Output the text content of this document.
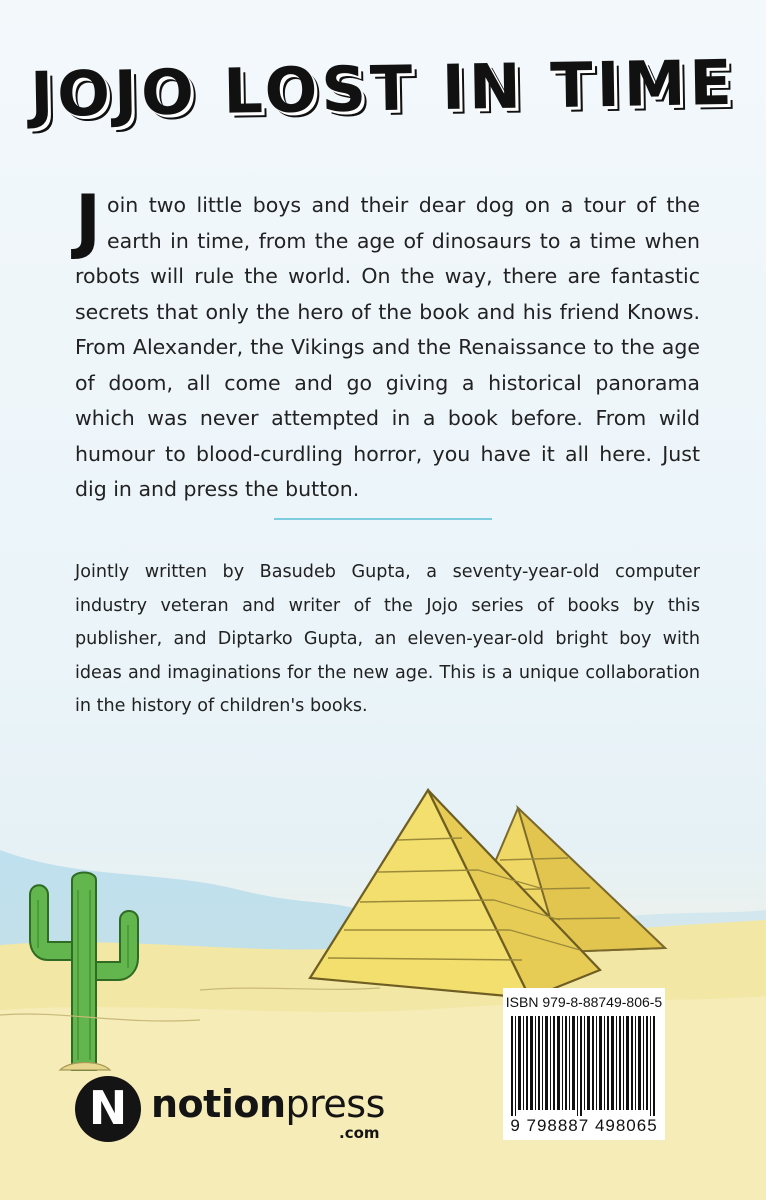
JOJO LOST IN TIME
Join two little boys and their dear dog on a tour of the earth in time, from the age of dinosaurs to a time when robots will rule the world. On the way, there are fantastic secrets that only the hero of the book and his friend Knows. From Alexander, the Vikings and the Renaissance to the age of doom, all come and go giving a historical panorama which was never attempted in a book before. From wild humour to blood-curdling horror, you have it all here. Just dig in and press the button.
Jointly written by Basudeb Gupta, a seventy-year-old computer industry veteran and writer of the Jojo series of books by this publisher, and Diptarko Gupta, an eleven-year-old bright boy with ideas and imaginations for the new age. This is a unique collaboration in the history of children's books.
ISBN 979-8-88749-806-5
9 798887 498065
N notionpress
.com
